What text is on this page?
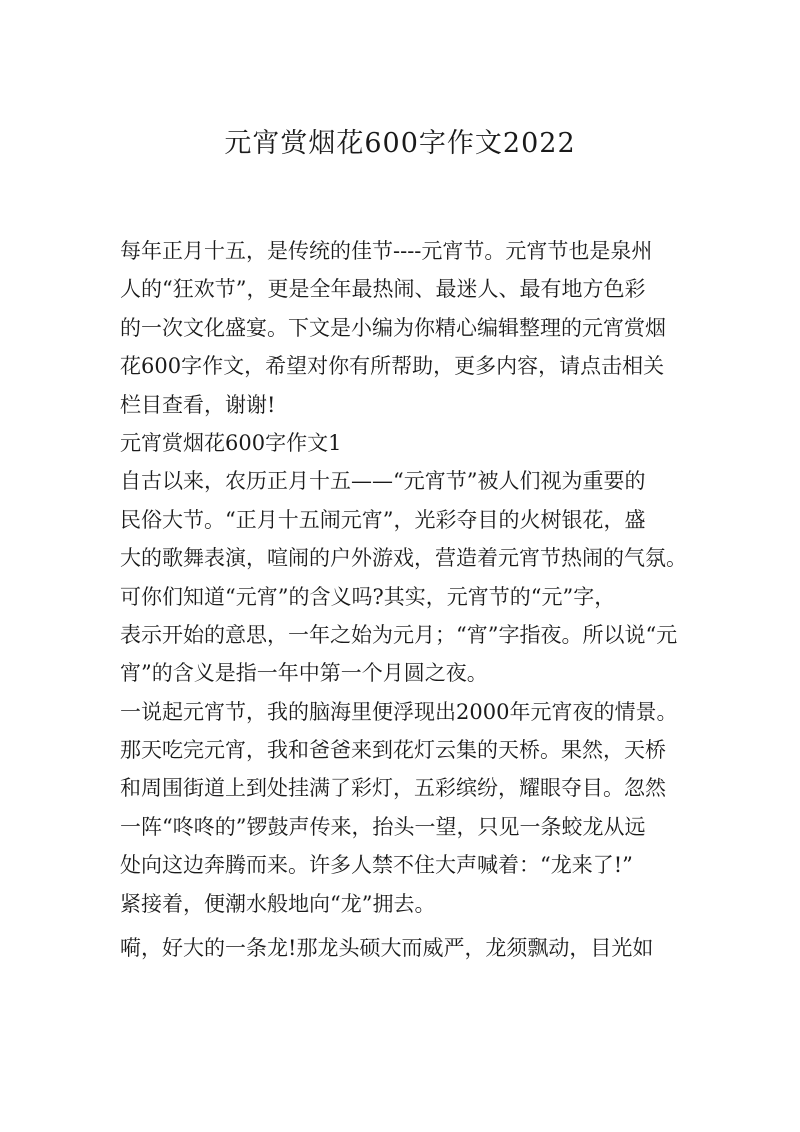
元宵赏烟花600字作文2022
每年正月十五，是传统的佳节----元宵节。元宵节也是泉州
人的“狂欢节”，更是全年最热闹、最迷人、最有地方色彩
的一次文化盛宴。下文是小编为你精心编辑整理的元宵赏烟
花600字作文，希望对你有所帮助，更多内容，请点击相关
栏目查看，谢谢!
元宵赏烟花600字作文1
自古以来，农历正月十五——“元宵节”被人们视为重要的
民俗大节。“正月十五闹元宵”，光彩夺目的火树银花，盛
大的歌舞表演，喧闹的户外游戏，营造着元宵节热闹的气氛。
可你们知道“元宵”的含义吗?其实，元宵节的“元”字，
表示开始的意思，一年之始为元月；“宵”字指夜。所以说“元
宵”的含义是指一年中第一个月圆之夜。
一说起元宵节，我的脑海里便浮现出2000年元宵夜的情景。
那天吃完元宵，我和爸爸来到花灯云集的天桥。果然，天桥
和周围街道上到处挂满了彩灯，五彩缤纷，耀眼夺目。忽然
一阵“咚咚的”锣鼓声传来，抬头一望，只见一条蛟龙从远
处向这边奔腾而来。许多人禁不住大声喊着：“龙来了!”
紧接着，便潮水般地向“龙”拥去。
嗬，好大的一条龙!那龙头硕大而威严，龙须飘动，目光如
